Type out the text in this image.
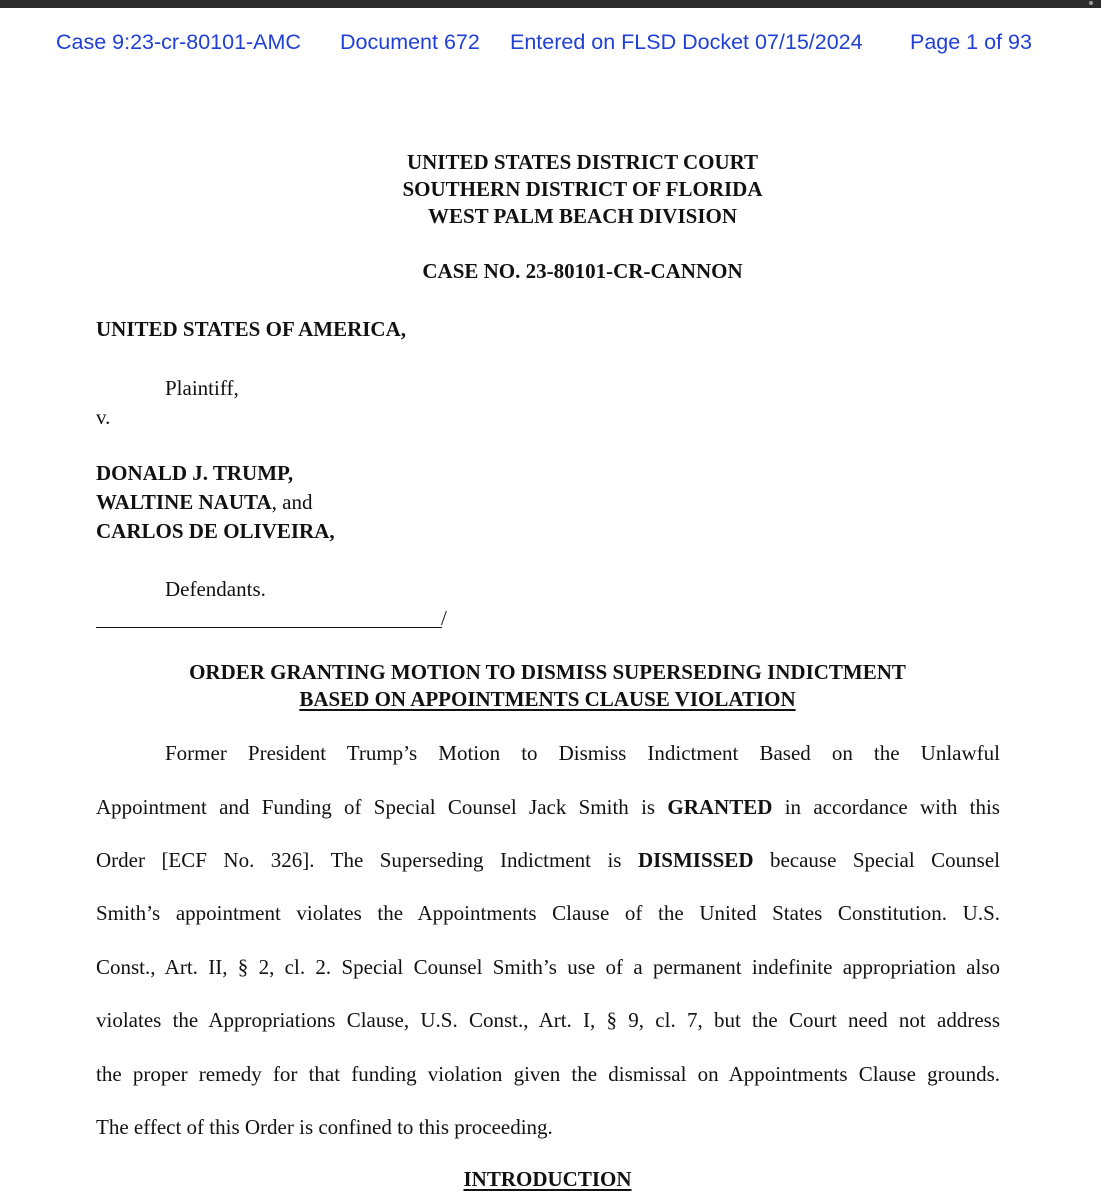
Case 9:23-cr-80101-AMC Document 672 Entered on FLSD Docket 07/15/2024 Page 1 of 93
UNITED STATES DISTRICT COURT
SOUTHERN DISTRICT OF FLORIDA
WEST PALM BEACH DIVISION
CASE NO. 23-80101-CR-CANNON
UNITED STATES OF AMERICA,
Plaintiff,
v.
DONALD J. TRUMP,
WALTINE NAUTA, and
CARLOS DE OLIVEIRA,
Defendants.
/
ORDER GRANTING MOTION TO DISMISS SUPERSEDING INDICTMENT
BASED ON APPOINTMENTS CLAUSE VIOLATION
Former President Trump’s Motion to Dismiss Indictment Based on the Unlawful
Appointment and Funding of Special Counsel Jack Smith is GRANTED in accordance with this
Order [ECF No. 326]. The Superseding Indictment is DISMISSED because Special Counsel
Smith’s appointment violates the Appointments Clause of the United States Constitution. U.S.
Const., Art. II, § 2, cl. 2. Special Counsel Smith’s use of a permanent indefinite appropriation also
violates the Appropriations Clause, U.S. Const., Art. I, § 9, cl. 7, but the Court need not address
the proper remedy for that funding violation given the dismissal on Appointments Clause grounds.
The effect of this Order is confined to this proceeding.
INTRODUCTION
